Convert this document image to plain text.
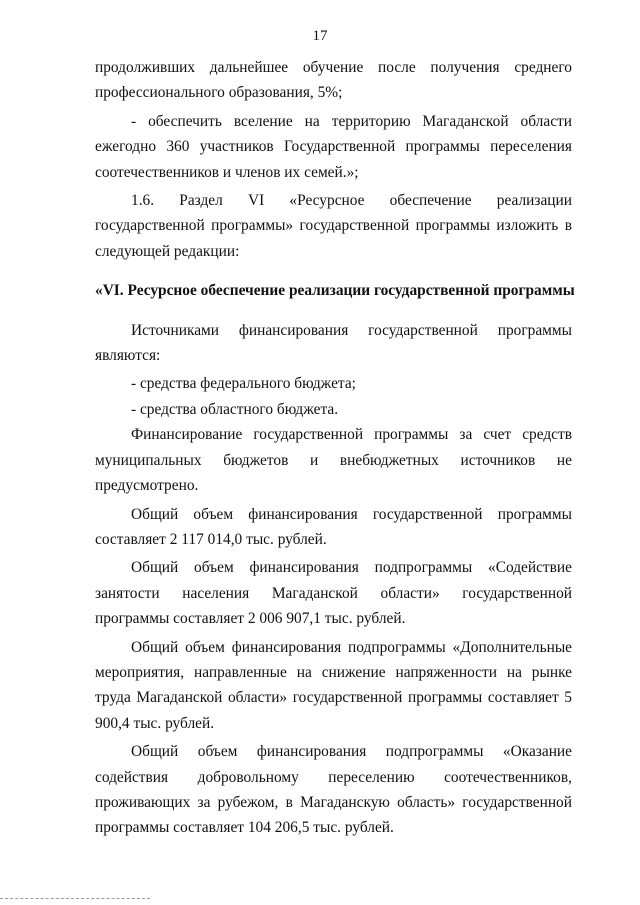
17

продолживших дальнейшее обучение после получения среднего профессионального образования, 5%;

- обеспечить вселение на территорию Магаданской области ежегодно 360 участников Государственной программы переселения соотечественников и членов их семей.»;

1.6. Раздел VI «Ресурсное обеспечение реализации государственной программы» государственной программы изложить в следующей редакции:

«VI. Ресурсное обеспечение реализации государственной программы

Источниками финансирования государственной программы являются:

- средства федерального бюджета;

- средства областного бюджета.

Финансирование государственной программы за счет средств муниципальных бюджетов и внебюджетных источников не предусмотрено.

Общий объем финансирования государственной программы составляет 2 117 014,0 тыс. рублей.

Общий объем финансирования подпрограммы «Содействие занятости населения Магаданской области» государственной программы составляет 2 006 907,1 тыс. рублей.

Общий объем финансирования подпрограммы «Дополнительные мероприятия, направленные на снижение напряженности на рынке труда Магаданской области» государственной программы составляет 5 900,4 тыс. рублей.

Общий объем финансирования подпрограммы «Оказание содействия добровольному переселению соотечественников, проживающих за рубежом, в Магаданскую область» государственной программы составляет 104 206,5 тыс. рублей.
